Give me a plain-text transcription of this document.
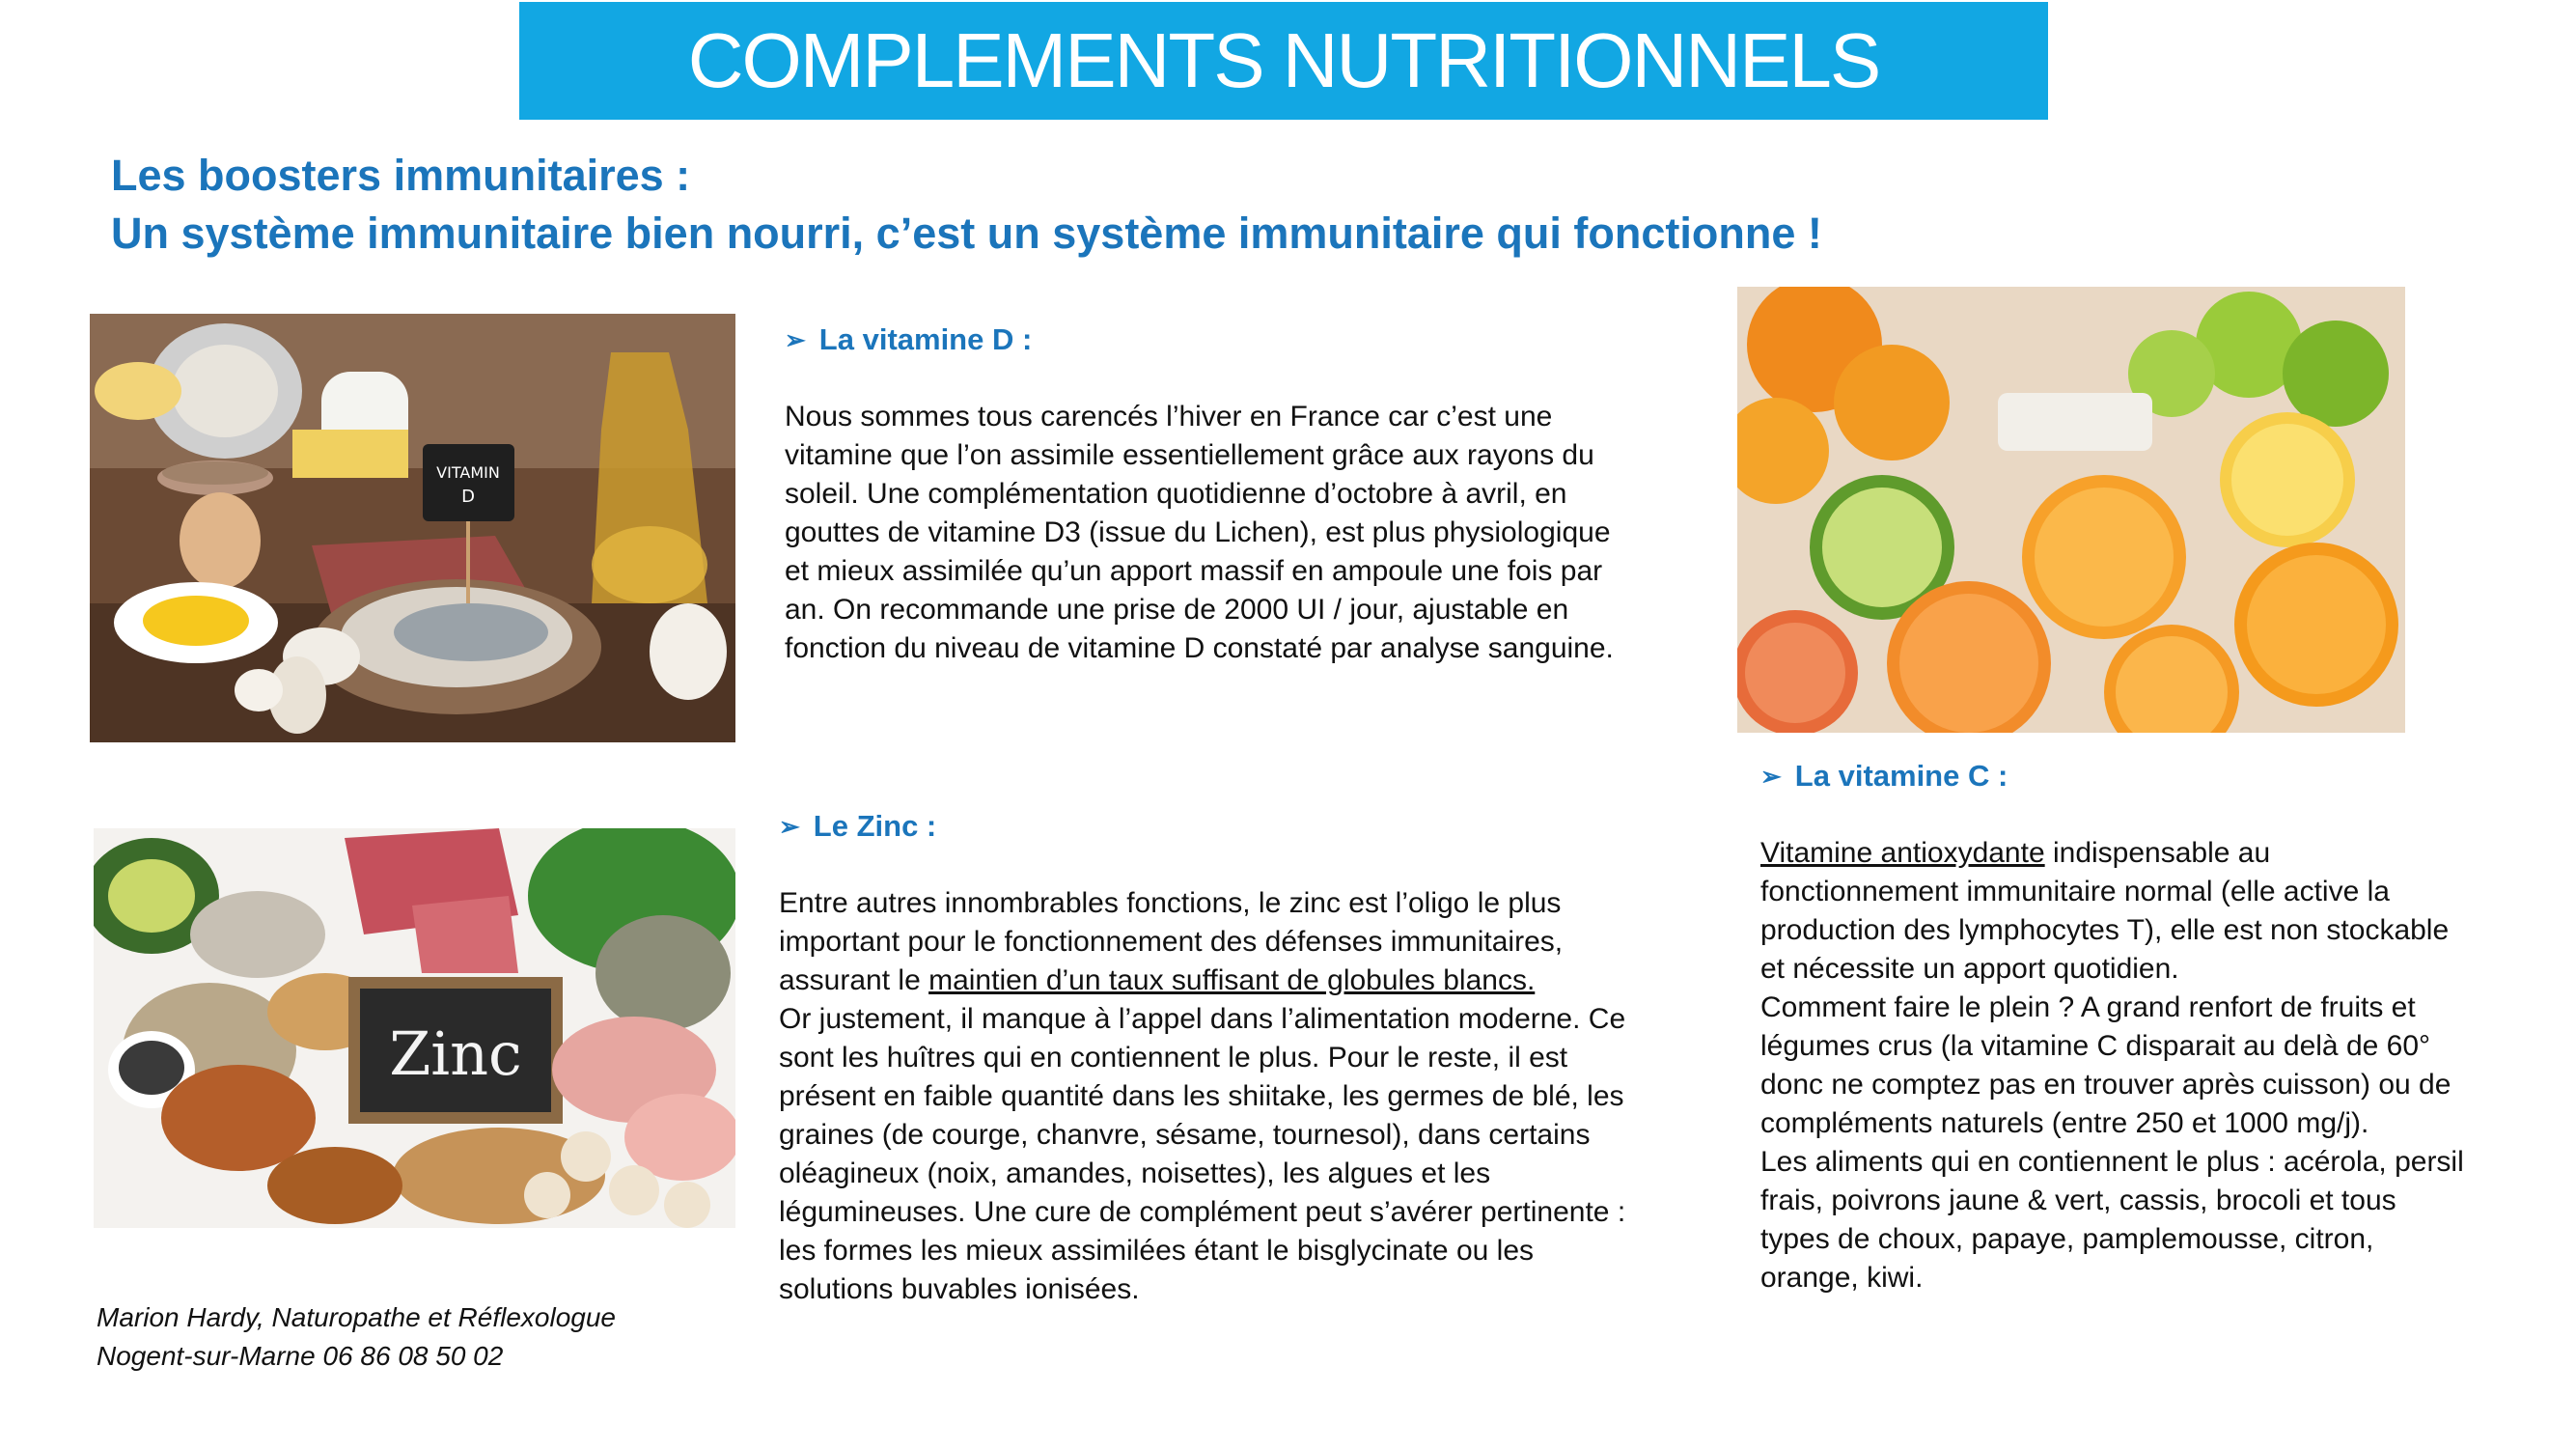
COMPLEMENTS NUTRITIONNELS
Les boosters immunitaires :
Un système immunitaire bien nourri, c’est un système immunitaire qui fonctionne !
VITAMIN
D
Zinc
➢ La vitamine D :

Nous sommes tous carencés l’hiver en France car c’est une vitamine que l’on assimile essentiellement grâce aux rayons du soleil. Une complémentation quotidienne d’octobre à avril, en gouttes de vitamine D3 (issue du Lichen), est plus physiologique et mieux assimilée qu’un apport massif en ampoule une fois par an. On recommande une prise de 2000 UI / jour, ajustable en fonction du niveau de vitamine D constaté par analyse sanguine.

➢ Le Zinc :

Entre autres innombrables fonctions, le zinc est l’oligo le plus important pour le fonctionnement des défenses immunitaires, assurant le maintien d’un taux suffisant de globules blancs.

Or justement, il manque à l’appel dans l’alimentation moderne. Ce sont les huîtres qui en contiennent le plus. Pour le reste, il est présent en faible quantité dans les shiitake, les germes de blé, les graines (de courge, chanvre, sésame, tournesol), dans certains oléagineux (noix, amandes, noisettes), les algues et les légumineuses. Une cure de complément peut s’avérer pertinente : les formes les mieux assimilées étant le bisglycinate ou les solutions buvables ionisées.

➢ La vitamine C :

Vitamine antioxydante indispensable au fonctionnement immunitaire normal (elle active la production des lymphocytes T), elle est non stockable et nécessite un apport quotidien.

Comment faire le plein ? A grand renfort de fruits et légumes crus (la vitamine C disparait au delà de 60° donc ne comptez pas en trouver après cuisson) ou de compléments naturels (entre 250 et 1000 mg/j).

Les aliments qui en contiennent le plus : acérola, persil frais, poivrons jaune & vert, cassis, brocoli et tous types de choux, papaye, pamplemousse, citron, orange, kiwi.

Marion Hardy, Naturopathe et Réflexologue
Nogent-sur-Marne 06 86 08 50 02
